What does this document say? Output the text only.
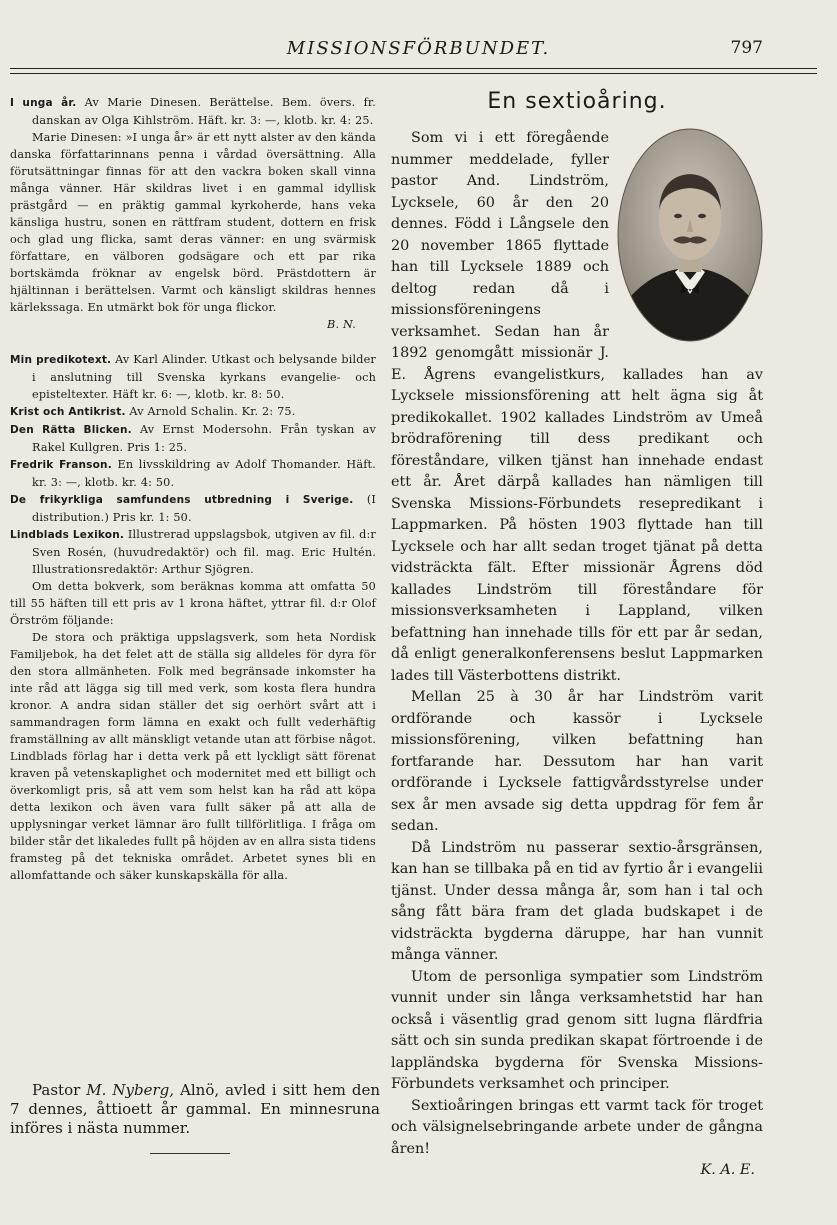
MISSIONSFÖRBUNDET.	797

I unga år. Av Marie Dinesen. Berättelse. Bem. övers. fr. danskan av Olga Kihlström. Häft. kr. 3: —, klotb. kr. 4: 25.

Marie Dinesen: »I unga år» är ett nytt alster av den kända danska författarinnans penna i vårdad översättning. Alla förutsättningar finnas för att den vackra boken skall vinna många vänner. Här skildras livet i en gammal idyllisk prästgård — en präktig gammal kyrkoherde, hans veka känsliga hustru, sonen en rättfram student, dottern en frisk och glad ung flicka, samt deras vänner: en ung svärmisk författare, en välboren godsägare och ett par rika bortskämda fröknar av engelsk börd. Prästdottern är hjältinnan i berättelsen. Varmt och känsligt skildras hennes kärlekssaga. En utmärkt bok för unga flickor.

B. N.

Min predikotext. Av Karl Alinder. Utkast och belysande bilder i anslutning till Svenska kyrkans evangelie- och episteltexter. Häft kr. 6: —, klotb. kr. 8: 50.

Krist och Antikrist. Av Arnold Schalin. Kr. 2: 75.

Den Rätta Blicken. Av Ernst Modersohn. Från tyskan av Rakel Kullgren. Pris 1: 25.

Fredrik Franson. En livsskildring av Adolf Thomander. Häft. kr. 3: —, klotb. kr. 4: 50.

De frikyrkliga samfundens utbredning i Sverige. (I distribution.) Pris kr. 1: 50.

Lindblads Lexikon. Illustrerad uppslagsbok, utgiven av fil. d:r Sven Rosén, (huvudredaktör) och fil. mag. Eric Hultén. Illustrationsredaktör: Arthur Sjögren.

Om detta bokverk, som beräknas komma att omfatta 50 till 55 häften till ett pris av 1 krona häftet, yttrar fil. d:r Olof Örström följande:

De stora och präktiga uppslagsverk, som heta Nordisk Familjebok, ha det felet att de ställa sig alldeles för dyra för den stora allmänheten. Folk med begränsade inkomster ha inte råd att lägga sig till med verk, som kosta flera hundra kronor. A andra sidan ställer det sig oerhört svårt att i sammandragen form lämna en exakt och fullt vederhäftig framställning av allt mänskligt vetande utan att förbise något. Lindblads förlag har i detta verk på ett lyckligt sätt förenat kraven på vetenskaplighet och modernitet med ett billigt och överkomligt pris, så att vem som helst kan ha råd att köpa detta lexikon och även vara fullt säker på att alla de upplysningar verket lämnar äro fullt tillförlitliga. I fråga om bilder står det likaledes fullt på höjden av en allra sista tidens framsteg på det tekniska området. Arbetet synes bli en allomfattande och säker kunskapskälla för alla.

Pastor M. Nyberg, Alnö, avled i sitt hem den 7 dennes, åttioett år gammal. En minnesruna införes i nästa nummer.

En sextioåring.

Som vi i ett föregående nummer meddelade, fyller pastor And. Lindström, Lycksele, 60 år den 20 dennes. Född i Långsele den 20 november 1865 flyttade han till Lycksele 1889 och deltog redan då i missionsföreningens verksamhet. Sedan han år 1892 genomgått missionär J. E. Ågrens evangelistkurs, kallades han av Lycksele missionsförening att helt ägna sig åt predikokallet. 1902 kallades Lindström av Umeå brödraförening till dess predikant och föreståndare, vilken tjänst han innehade endast ett år. Året därpå kallades han nämligen till Svenska Missions-Förbundets resepredikant i Lappmarken. På hösten 1903 flyttade han till Lycksele och har allt sedan troget tjänat på detta vidsträckta fält. Efter missionär Ågrens död kallades Lindström till föreståndare för missionsverksamheten i Lappland, vilken befattning han innehade tills för ett par år sedan, då enligt generalkonferensens beslut Lappmarken lades till Västerbottens distrikt.

Mellan 25 à 30 år har Lindström varit ordförande och kassör i Lycksele missionsförening, vilken befattning han fortfarande har. Dessutom har han varit ordförande i Lycksele fattigvårdsstyrelse under sex år men avsade sig detta uppdrag för fem år sedan.

Då Lindström nu passerar sextio-årsgränsen, kan han se tillbaka på en tid av fyrtio år i evangelii tjänst. Under dessa många år, som han i tal och sång fått bära fram det glada budskapet i de vidsträckta bygderna däruppe, har han vunnit många vänner.

Utom de personliga sympatier som Lindström vunnit under sin långa verksamhetstid har han också i väsentlig grad genom sitt lugna flärdfria sätt och sin sunda predikan skapat förtroende i de lappländska bygderna för Svenska Missions-Förbundets verksamhet och principer.

Sextioåringen bringas ett varmt tack för troget och välsignelsebringande arbete under de gångna åren!

K. A. E.
